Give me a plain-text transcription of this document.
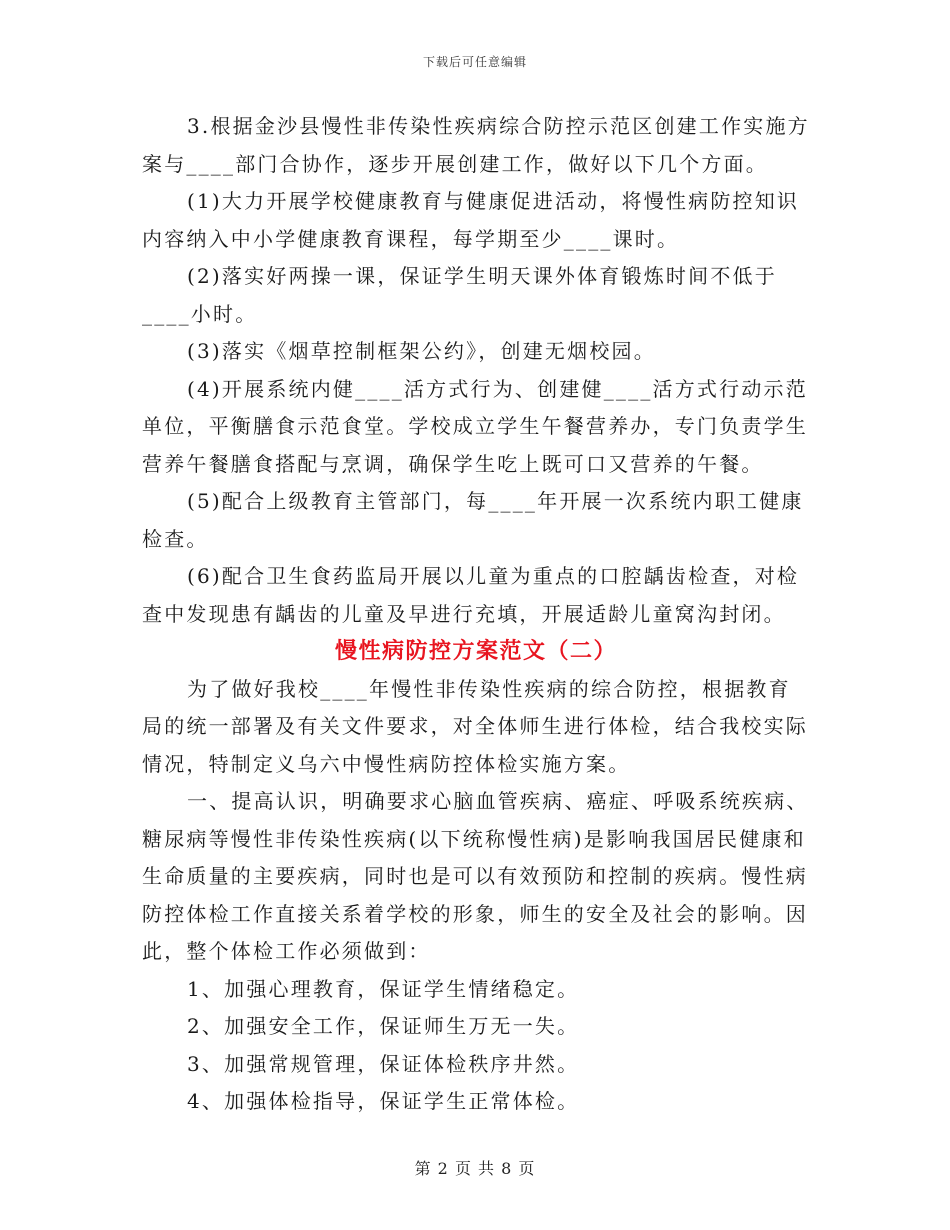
下载后可任意编辑

3.根据金沙县慢性非传染性疾病综合防控示范区创建工作实施方案与____部门合协作，逐步开展创建工作，做好以下几个方面。

(1)大力开展学校健康教育与健康促进活动，将慢性病防控知识内容纳入中小学健康教育课程，每学期至少____课时。

(2)落实好两操一课，保证学生明天课外体育锻炼时间不低于____小时。

(3)落实《烟草控制框架公约》，创建无烟校园。

(4)开展系统内健____活方式行为、创建健____活方式行动示范单位，平衡膳食示范食堂。学校成立学生午餐营养办，专门负责学生营养午餐膳食搭配与烹调，确保学生吃上既可口又营养的午餐。

(5)配合上级教育主管部门，每____年开展一次系统内职工健康检查。

(6)配合卫生食药监局开展以儿童为重点的口腔龋齿检查，对检查中发现患有龋齿的儿童及早进行充填，开展适龄儿童窝沟封闭。

慢性病防控方案范文（二）

为了做好我校____年慢性非传染性疾病的综合防控，根据教育局的统一部署及有关文件要求，对全体师生进行体检，结合我校实际情况，特制定义乌六中慢性病防控体检实施方案。

一、提高认识，明确要求心脑血管疾病、癌症、呼吸系统疾病、糖尿病等慢性非传染性疾病(以下统称慢性病)是影响我国居民健康和生命质量的主要疾病，同时也是可以有效预防和控制的疾病。慢性病防控体检工作直接关系着学校的形象，师生的安全及社会的影响。因此，整个体检工作必须做到：

1、加强心理教育，保证学生情绪稳定。

2、加强安全工作，保证师生万无一失。

3、加强常规管理，保证体检秩序井然。

4、加强体检指导，保证学生正常体检。

第 2 页 共 8 页
